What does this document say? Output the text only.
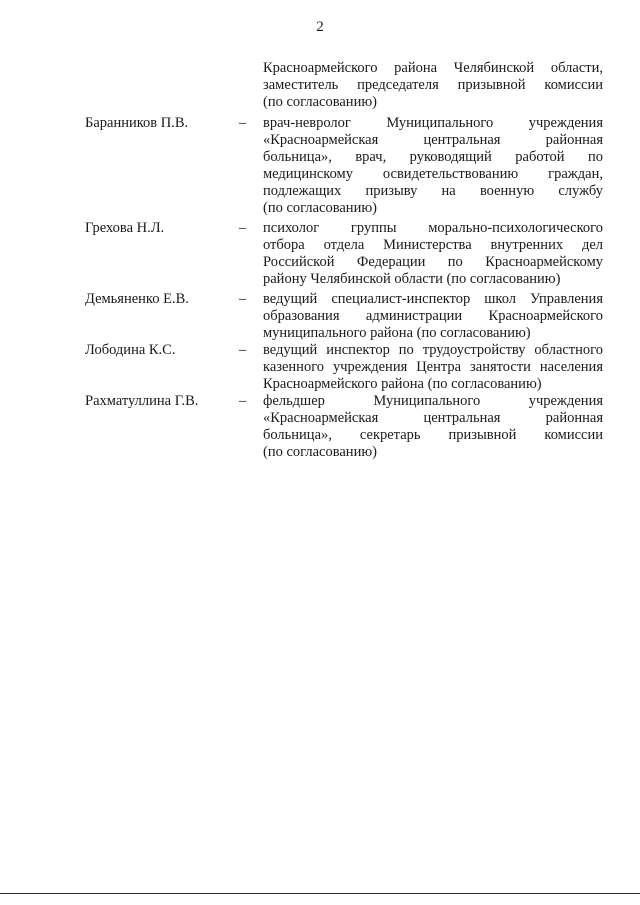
2
Красноармейского района Челябинской области,
заместитель председателя призывной комиссии
(по согласованию)
Баранников П.В.	– врач-невролог Муниципального учреждения
«Красноармейская центральная районная
больница», врач, руководящий работой по
медицинскому освидетельствованию граждан,
подлежащих призыву на военную службу
(по согласованию)
Грехова Н.Л.	– психолог группы морально-психологического
отбора отдела Министерства внутренних дел
Российской Федерации по Красноармейскому
району Челябинской области (по согласованию)
Демьяненко Е.В.	– ведущий специалист-инспектор школ Управления
образования администрации Красноармейского
муниципального района (по согласованию)
Лободина К.С.	– ведущий инспектор по трудоустройству областного
казенного учреждения Центра занятости населения
Красноармейского района (по согласованию)
Рахматуллина Г.В.	– фельдшер Муниципального учреждения
«Красноармейская центральная районная
больница», секретарь призывной комиссии
(по согласованию)
